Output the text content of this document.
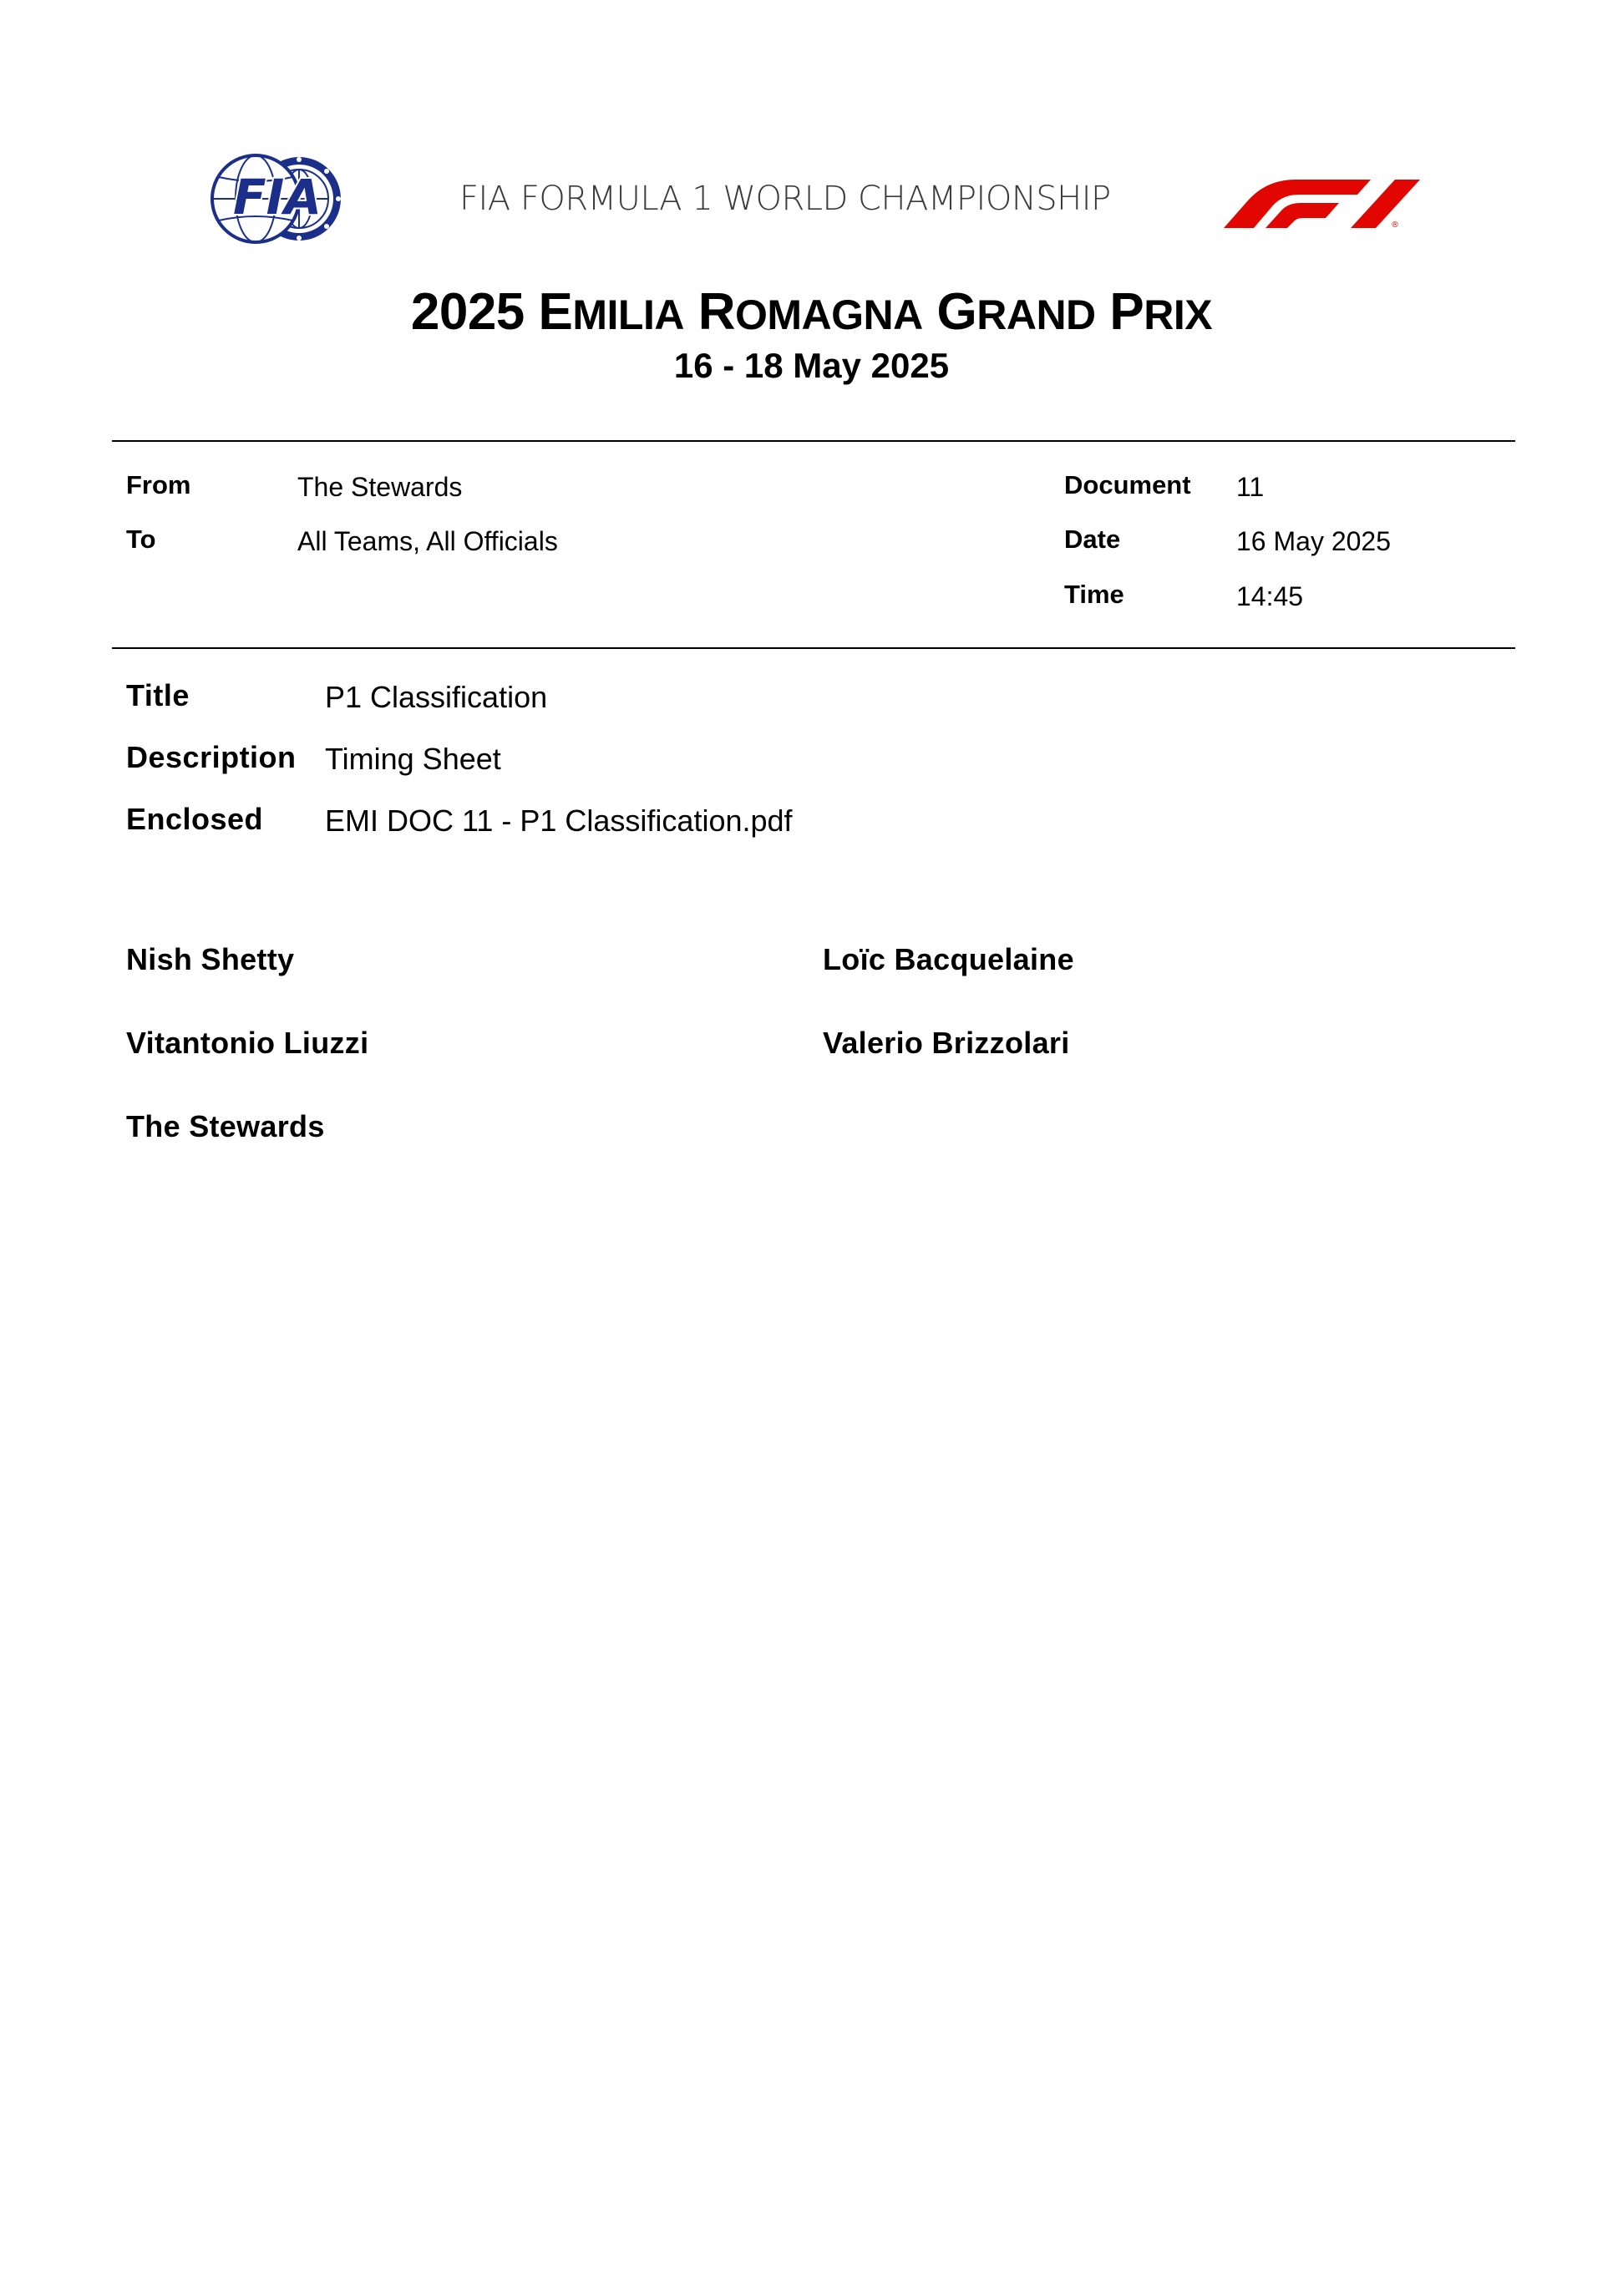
FIA	FIA FORMULA 1 WORLD CHAMPIONSHIP
®
2025 EMILIA ROMAGNA GRAND PRIX
16 - 18 May 2025
From	The Stewards
To	All Teams, All Officials
Document 11
Date	16 May 2025
Time	14:45
Title	P1 Classification
Description Timing Sheet
Enclosed EMI DOC 11 - P1 Classification.pdf
Nish Shetty	Loïc Bacquelaine
Vitantonio Liuzzi	Valerio Brizzolari
The Stewards
